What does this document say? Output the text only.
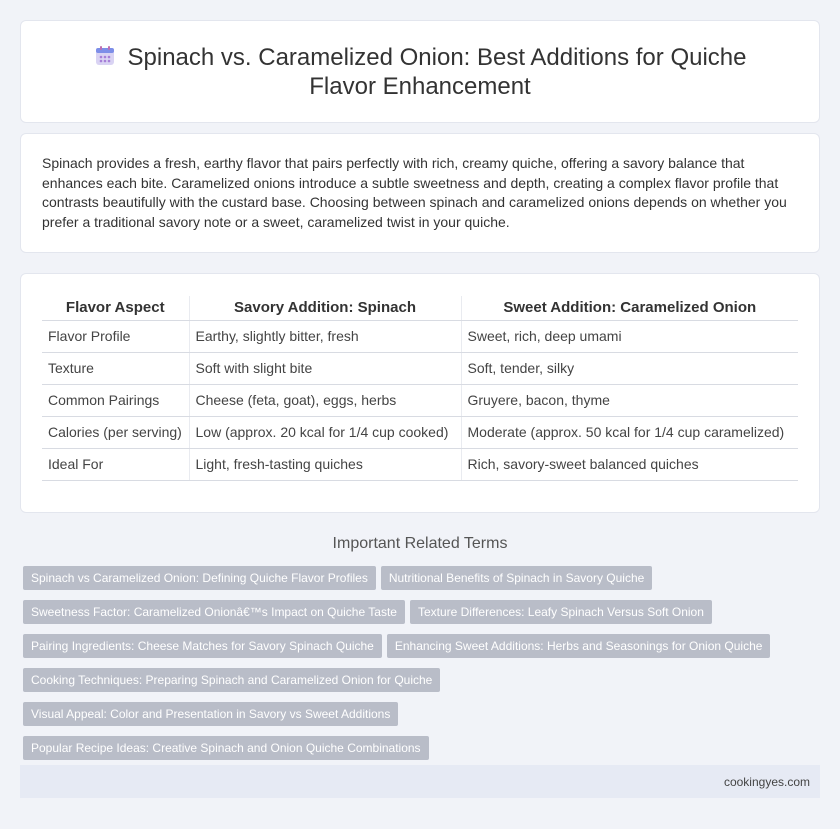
Spinach vs. Caramelized Onion: Best Additions for Quiche Flavor Enhancement

Spinach provides a fresh, earthy flavor that pairs perfectly with rich, creamy quiche, offering a savory balance that enhances each bite. Caramelized onions introduce a subtle sweetness and depth, creating a complex flavor profile that contrasts beautifully with the custard base. Choosing between spinach and caramelized onions depends on whether you prefer a traditional savory note or a sweet, caramelized twist in your quiche.

Flavor Aspect	Savory Addition: Spinach	Sweet Addition: Caramelized Onion
Flavor Profile	Earthy, slightly bitter, fresh	Sweet, rich, deep umami
Texture	Soft with slight bite	Soft, tender, silky
Common Pairings	Cheese (feta, goat), eggs, herbs	Gruyere, bacon, thyme
Calories (per serving)	Low (approx. 20 kcal for 1/4 cup cooked)	Moderate (approx. 50 kcal for 1/4 cup caramelized)
Ideal For	Light, fresh-tasting quiches	Rich, savory-sweet balanced quiches
Important Related Terms
Spinach vs Caramelized Onion: Defining Quiche Flavor Profiles Nutritional Benefits of Spinach in Savory Quiche
Sweetness Factor: Caramelized Onionâ€™s Impact on Quiche Taste Texture Differences: Leafy Spinach Versus Soft Onion
Pairing Ingredients: Cheese Matches for Savory Spinach Quiche Enhancing Sweet Additions: Herbs and Seasonings for Onion Quiche
Cooking Techniques: Preparing Spinach and Caramelized Onion for QuicheVisual Appeal: Color and Presentation in Savory vs Sweet Additions
Popular Recipe Ideas: Creative Spinach and Onion Quiche Combinations

cookingyes.com
